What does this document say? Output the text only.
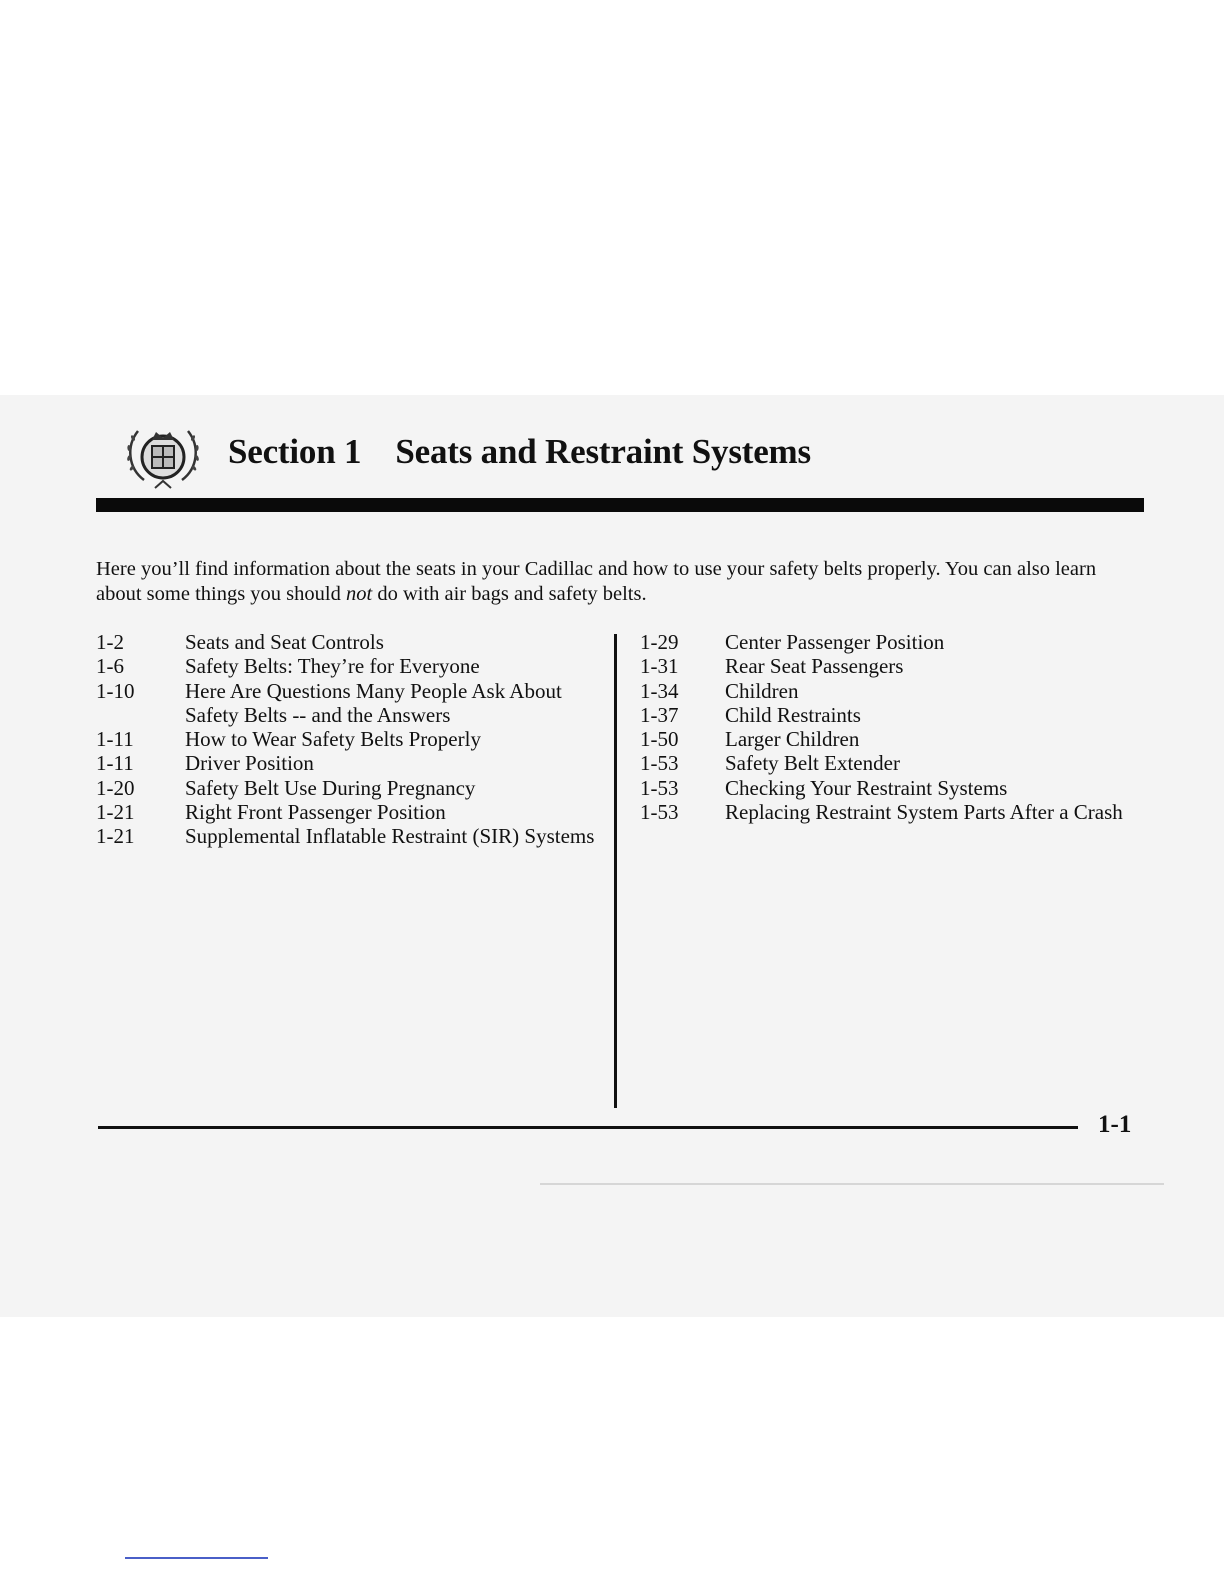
Section 1 Seats and Restraint Systems

Here you’ll find information about the seats in your Cadillac and how to use your safety belts properly. You can also learn about some things you should not do with air bags and safety belts.

1-2	Seats and Seat Controls
1-6	Safety Belts: They’re for Everyone
1-10	Here Are Questions Many People Ask About Safety Belts -- and the Answers
1-11	How to Wear Safety Belts Properly
1-11	Driver Position
1-20	Safety Belt Use During Pregnancy
1-21	Right Front Passenger Position
1-21	Supplemental Inflatable Restraint (SIR) Systems
1-29	Center Passenger Position
1-31	Rear Seat Passengers
1-34	Children
1-37	Child Restraints
1-50	Larger Children
1-53	Safety Belt Extender
1-53	Checking Your Restraint Systems
1-53	Replacing Restraint System Parts After a Crash

1-1
